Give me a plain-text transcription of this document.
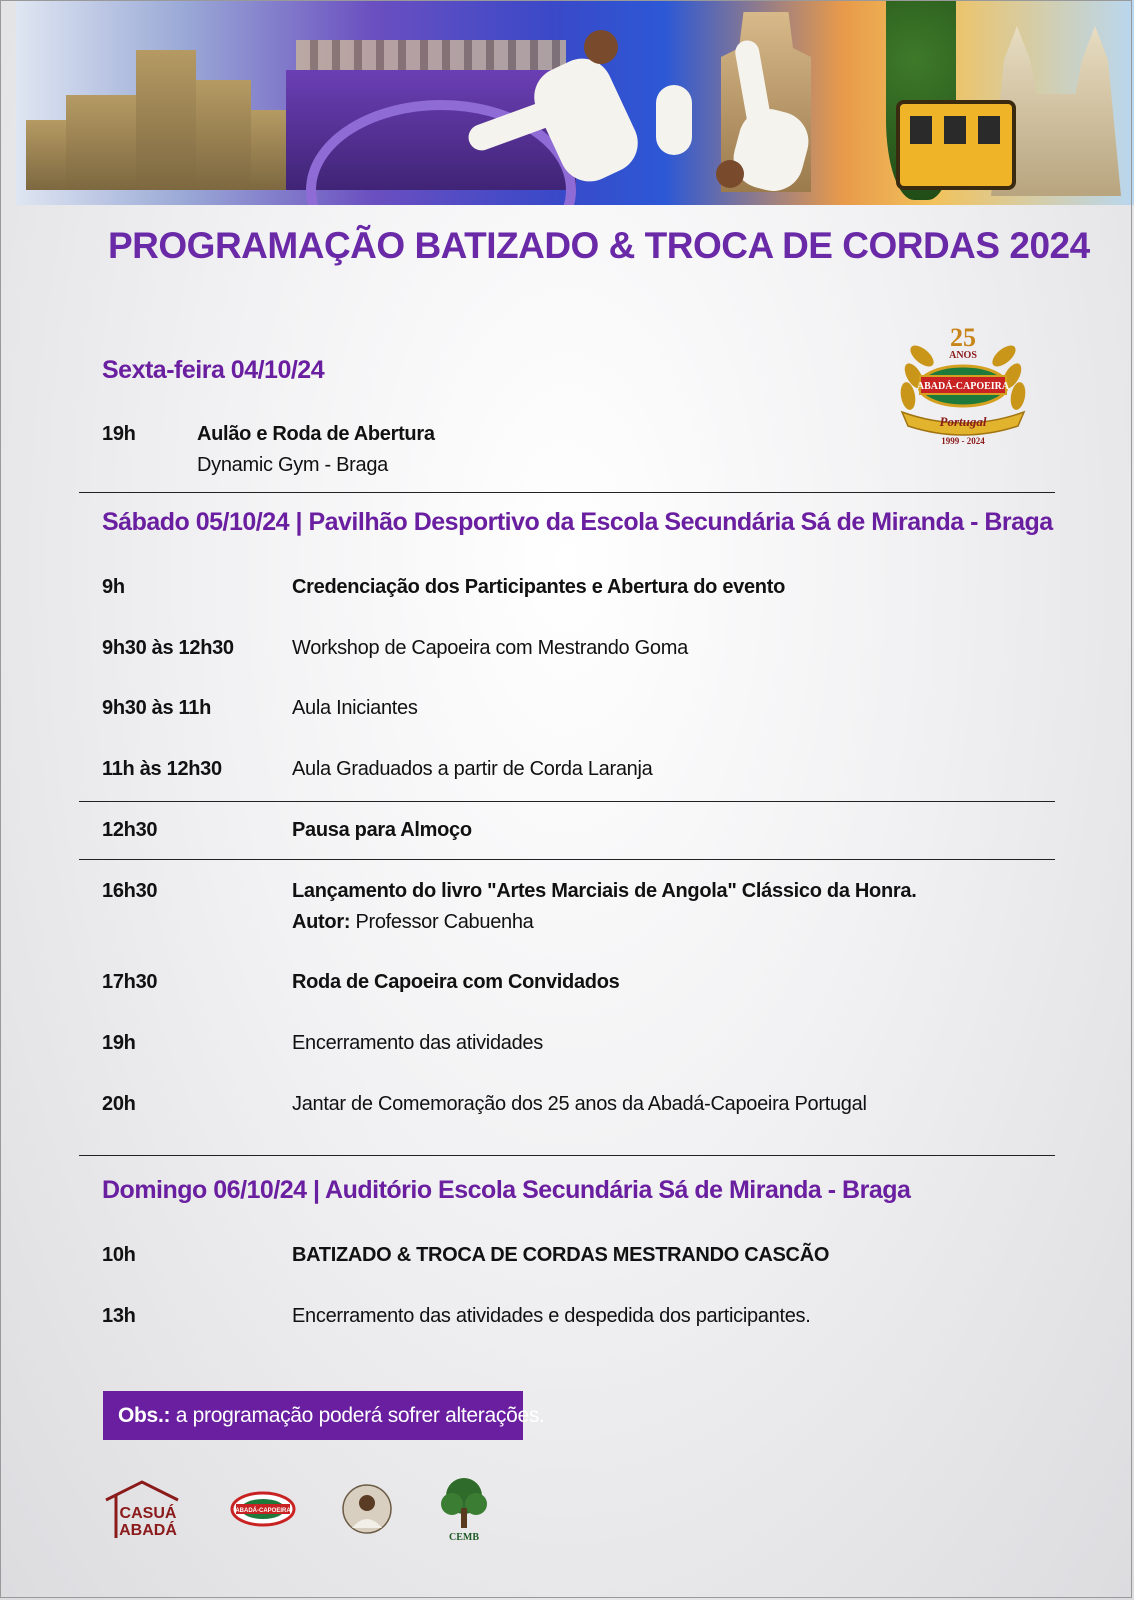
PROGRAMAÇÃO BATIZADO & TROCA DE CORDAS 2024
ABADÁ-CAPOEIRA
25
ANOS
Portugal
1999 - 2024
Sexta-feira 04/10/24
19h	Aulão e Roda de Abertura
Dynamic Gym - Braga
Sábado 05/10/24 | Pavilhão Desportivo da Escola Secundária Sá de Miranda - Braga
9h	Credenciação dos Participantes e Abertura do evento
9h30 às 12h30	Workshop de Capoeira com Mestrando Goma
9h30 às 11h	Aula Iniciantes
11h às 12h30	Aula Graduados a partir de Corda Laranja
12h30	Pausa para Almoço
16h30	Lançamento do livro "Artes Marciais de Angola" Clássico da Honra.
Autor: Professor Cabuenha
17h30	Roda de Capoeira com Convidados
19h	Encerramento das atividades
20h	Jantar de Comemoração dos 25 anos da Abadá-Capoeira Portugal
Domingo 06/10/24 | Auditório Escola Secundária Sá de Miranda - Braga
10h	BATIZADO & TROCA DE CORDAS MESTRANDO CASCÃO
13h	Encerramento das atividades e despedida dos participantes.
Obs.: a programação poderá sofrer alterações.
CASUÁ
ABADÁ
ABADÁ-CAPOEIRA
CEMB
